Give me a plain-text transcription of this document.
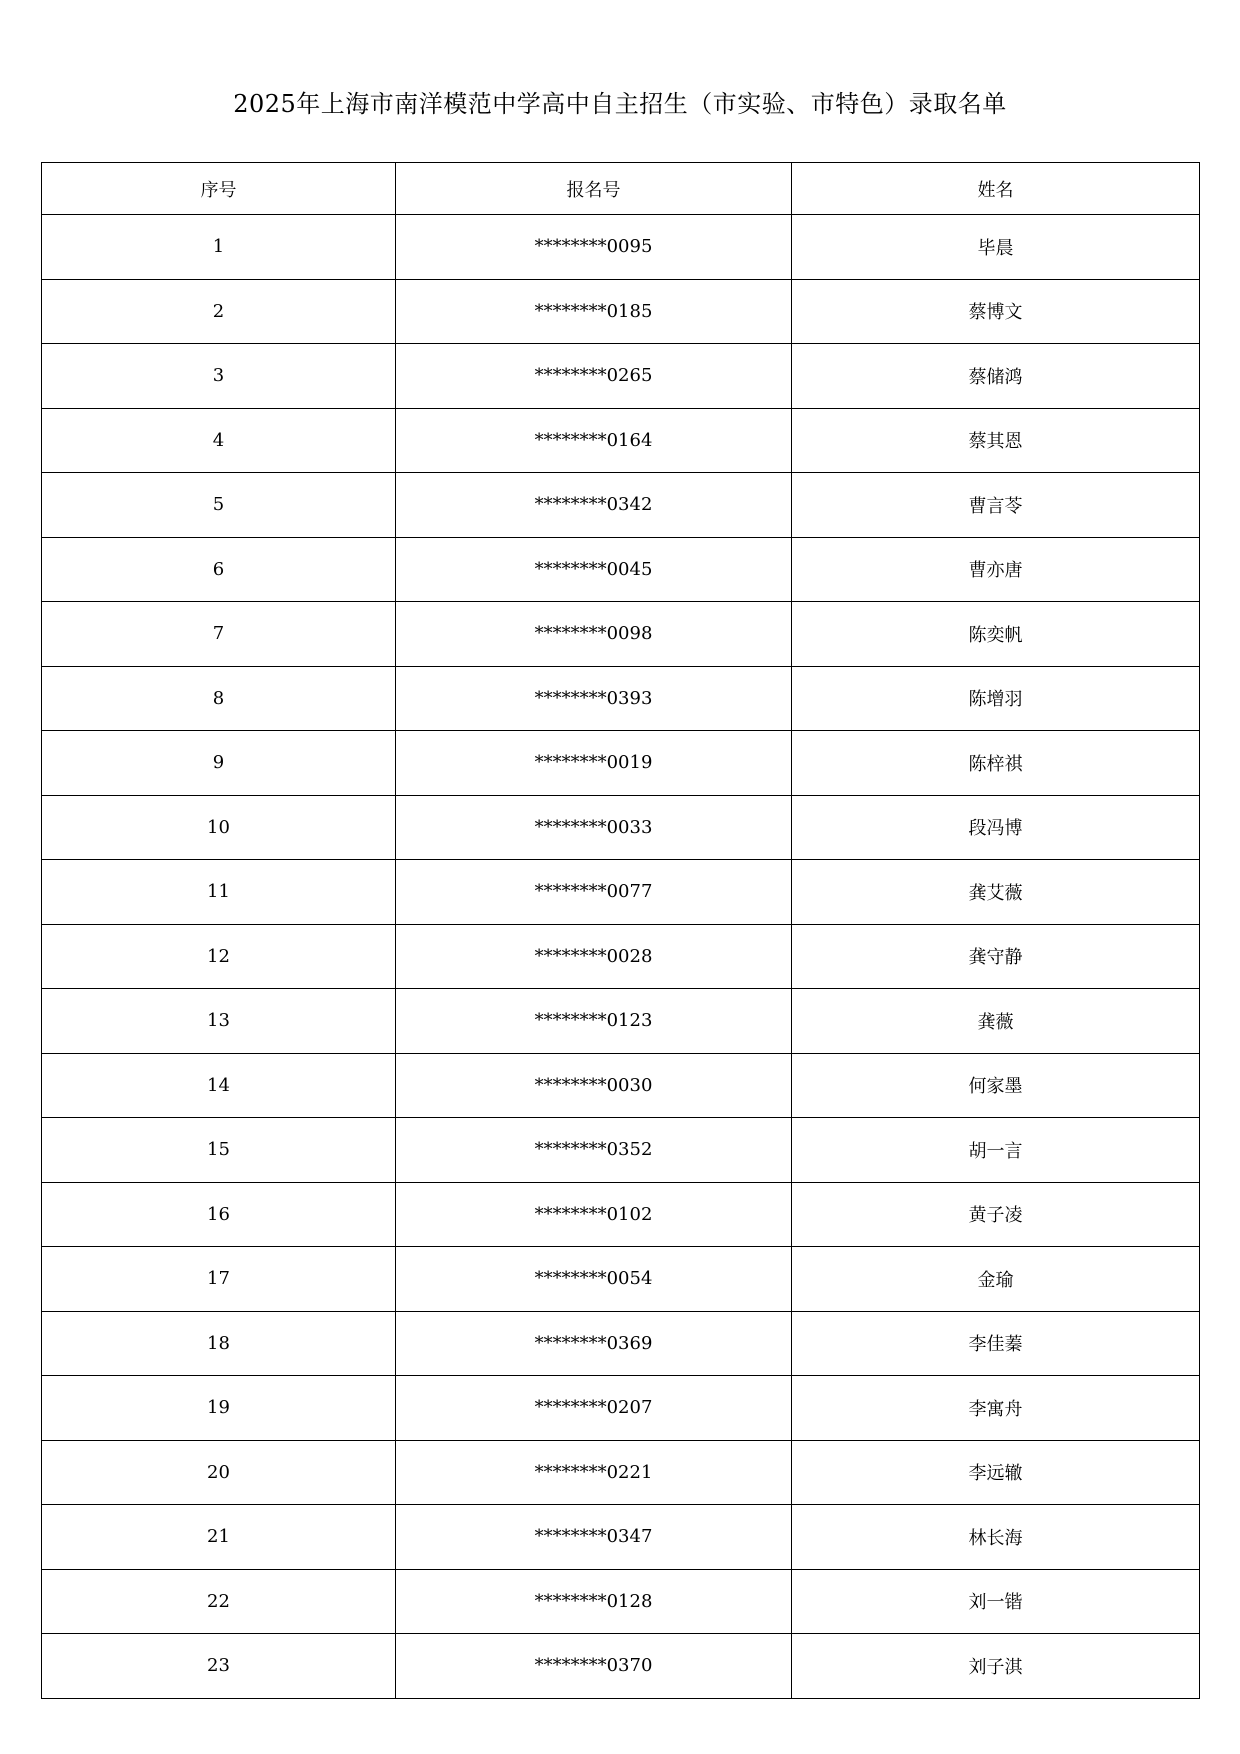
2025年上海市南洋模范中学高中自主招生（市实验、市特色）录取名单
序号	报名号	姓名
1	********0095	毕晨
2	********0185	蔡博文
3	********0265	蔡储鸿
4	********0164	蔡其恩
5	********0342	曹言苓
6	********0045	曹亦唐
7	********0098	陈奕帆
8	********0393	陈增羽
9	********0019	陈梓祺
10	********0033	段冯博
11	********0077	龚艾薇
12	********0028	龚守静
13	********0123	龚薇
14	********0030	何家墨
15	********0352	胡一言
16	********0102	黄子凌
17	********0054	金瑜
18	********0369	李佳蓁
19	********0207	李寓舟
20	********0221	李远辙
21	********0347	林长海
22	********0128	刘一锴
23	********0370	刘子淇
